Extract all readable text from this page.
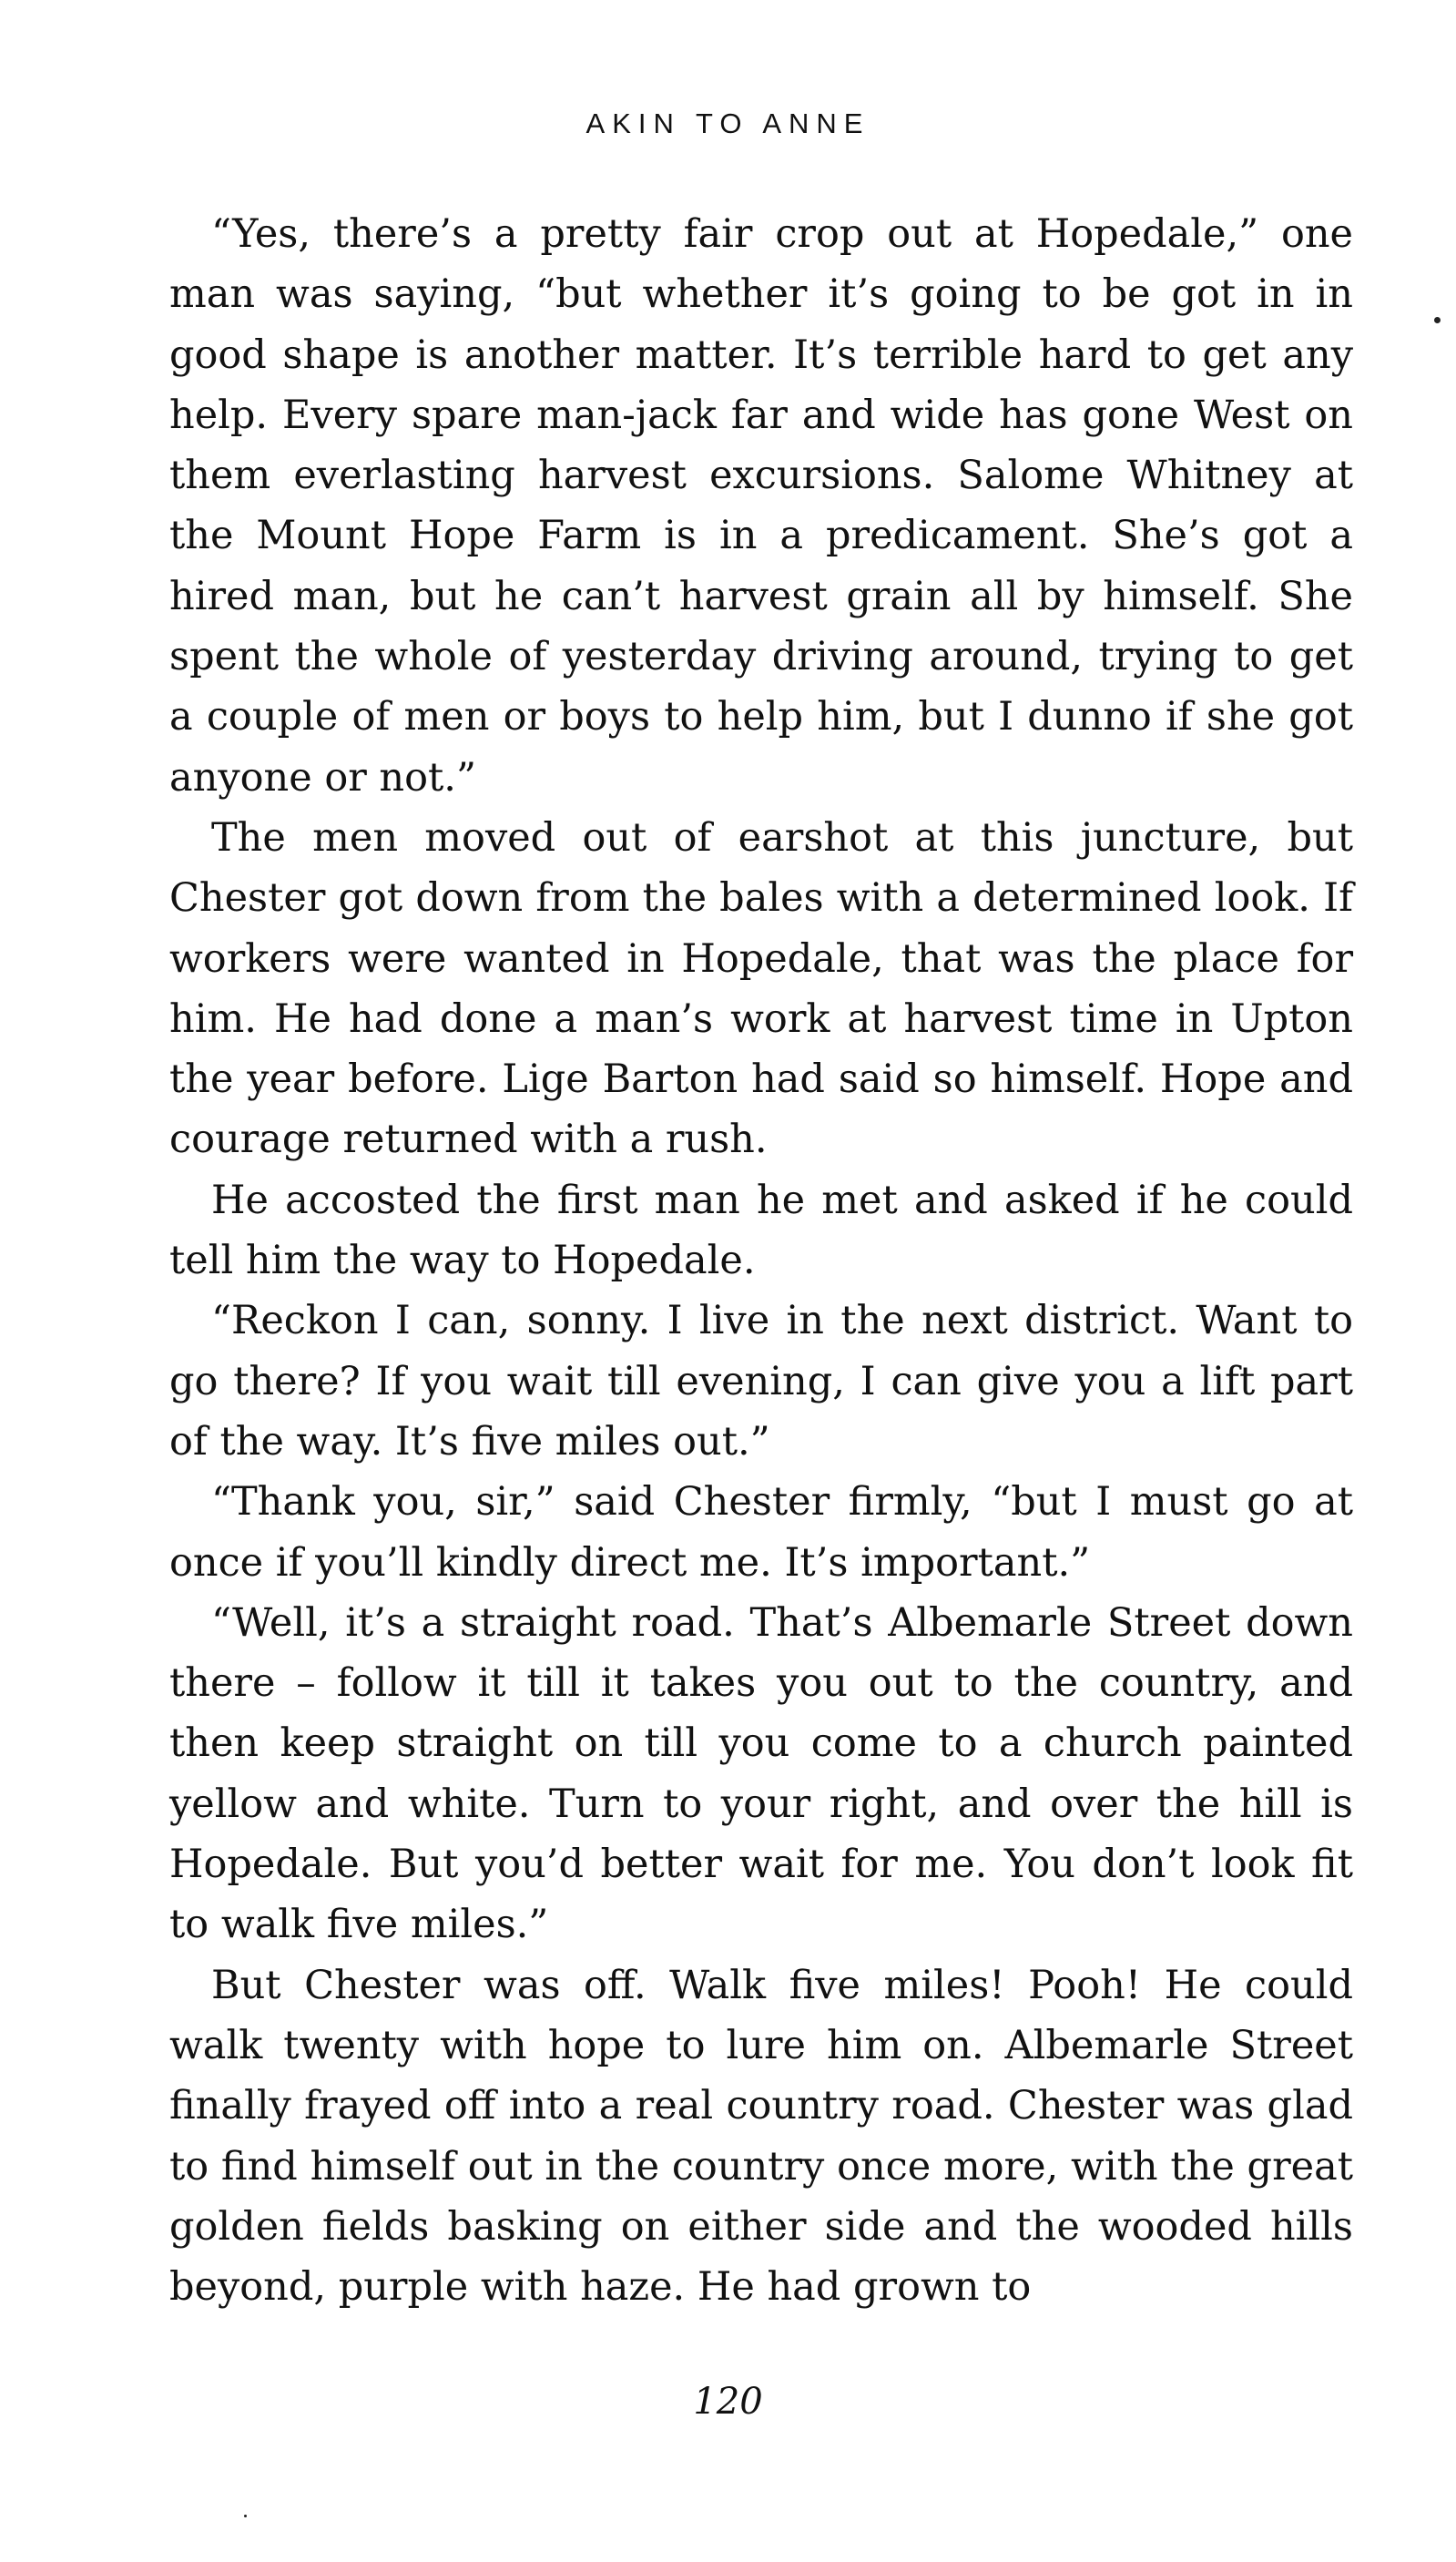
AKIN TO ANNE

“Yes, there’s a pretty fair crop out at Hopedale,” one man was saying, “but whether it’s going to be got in in good shape is another matter. It’s terrible hard to get any help. Every spare man-jack far and wide has gone West on them everlasting harvest excursions. Salome Whitney at the Mount Hope Farm is in a predicament. She’s got a hired man, but he can’t harvest grain all by himself. She spent the whole of yesterday driving around, trying to get a couple of men or boys to help him, but I dunno if she got anyone or not.”

The men moved out of earshot at this juncture, but Chester got down from the bales with a determined look. If workers were wanted in Hopedale, that was the place for him. He had done a man’s work at harvest time in Upton the year before. Lige Barton had said so himself. Hope and courage returned with a rush.

He accosted the first man he met and asked if he could tell him the way to Hopedale.

“Reckon I can, sonny. I live in the next district. Want to go there? If you wait till evening, I can give you a lift part of the way. It’s five miles out.”

“Thank you, sir,” said Chester firmly, “but I must go at once if you’ll kindly direct me. It’s important.”

“Well, it’s a straight road. That’s Albemarle Street down there – follow it till it takes you out to the country, and then keep straight on till you come to a church painted yellow and white. Turn to your right, and over the hill is Hopedale. But you’d better wait for me. You don’t look fit to walk five miles.”

But Chester was off. Walk five miles! Pooh! He could walk twenty with hope to lure him on. Albemarle Street finally frayed off into a real country road. Chester was glad to find himself out in the country once more, with the great golden fields basking on either side and the wooded hills beyond, purple with haze. He had grown to

120
